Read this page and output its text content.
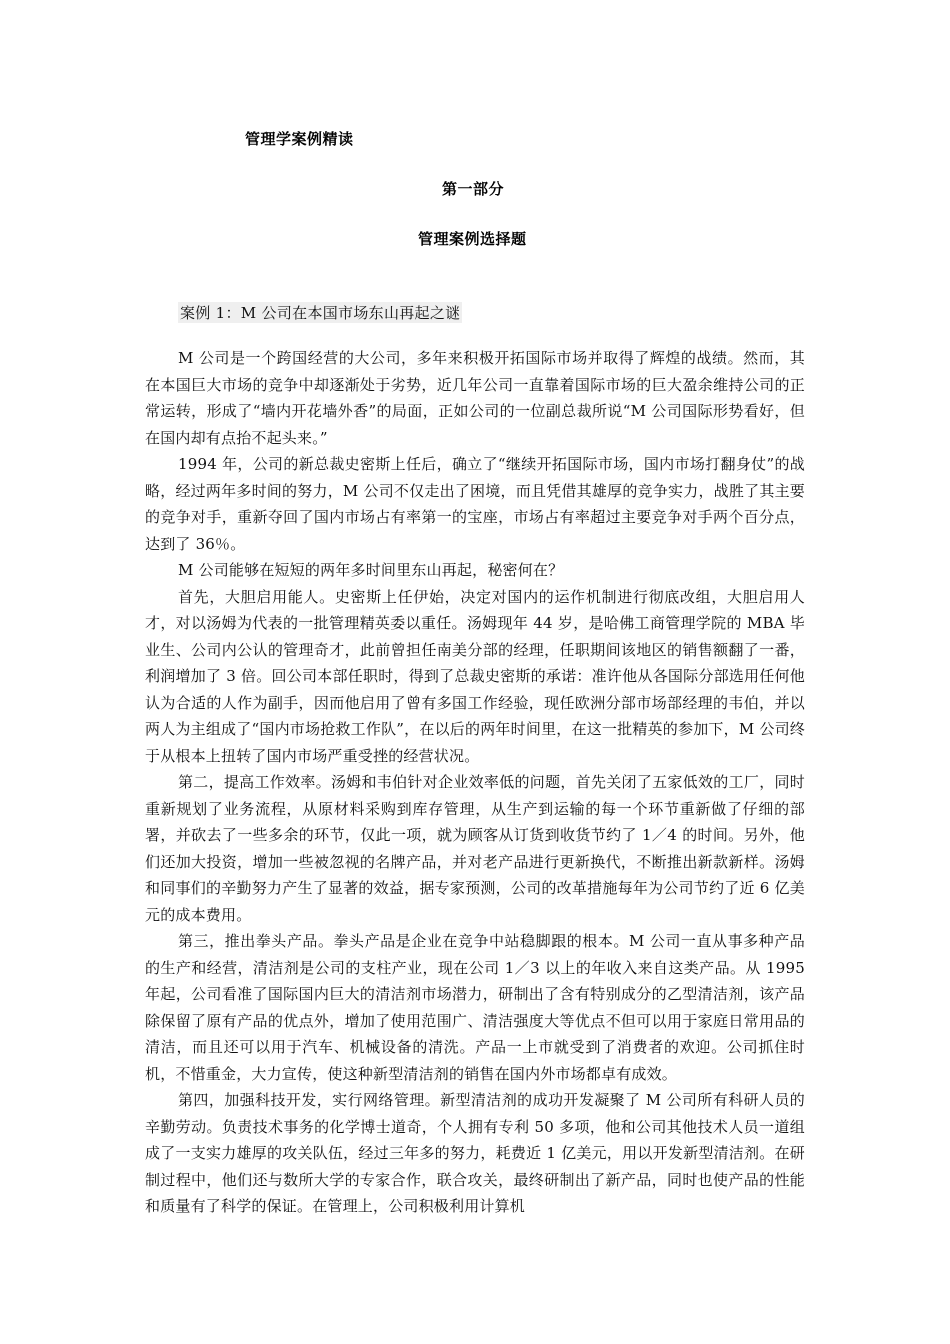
管理学案例精读
第一部分
管理案例选择题
案例 1：M 公司在本国市场东山再起之谜

M 公司是一个跨国经营的大公司，多年来积极开拓国际市场并取得了辉煌的战绩。然而，其在本国巨大市场的竞争中却逐渐处于劣势，近几年公司一直靠着国际市场的巨大盈余维持公司的正常运转，形成了“墙内开花墙外香”的局面，正如公司的一位副总裁所说“M 公司国际形势看好，但在国内却有点抬不起头来。”

1994 年，公司的新总裁史密斯上任后，确立了“继续开拓国际市场，国内市场打翻身仗”的战略，经过两年多时间的努力，M 公司不仅走出了困境，而且凭借其雄厚的竞争实力，战胜了其主要的竞争对手，重新夺回了国内市场占有率第一的宝座，市场占有率超过主要竞争对手两个百分点，达到了 36％。

M 公司能够在短短的两年多时间里东山再起，秘密何在？

首先，大胆启用能人。史密斯上任伊始，决定对国内的运作机制进行彻底改组，大胆启用人才，对以汤姆为代表的一批管理精英委以重任。汤姆现年 44 岁，是哈佛工商管理学院的 MBA 毕业生、公司内公认的管理奇才，此前曾担任南美分部的经理，任职期间该地区的销售额翻了一番，利润增加了 3 倍。回公司本部任职时，得到了总裁史密斯的承诺：准许他从各国际分部选用任何他认为合适的人作为副手，因而他启用了曾有多国工作经验，现任欧洲分部市场部经理的韦伯，并以两人为主组成了“国内市场抢救工作队”，在以后的两年时间里，在这一批精英的参加下，M 公司终于从根本上扭转了国内市场严重受挫的经营状况。

第二，提高工作效率。汤姆和韦伯针对企业效率低的问题，首先关闭了五家低效的工厂，同时重新规划了业务流程，从原材料采购到库存管理，从生产到运输的每一个环节重新做了仔细的部署，并砍去了一些多余的环节，仅此一项，就为顾客从订货到收货节约了 1／4 的时间。另外，他们还加大投资，增加一些被忽视的名牌产品，并对老产品进行更新换代，不断推出新款新样。汤姆和同事们的辛勤努力产生了显著的效益，据专家预测，公司的改革措施每年为公司节约了近 6 亿美元的成本费用。

第三，推出拳头产品。拳头产品是企业在竞争中站稳脚跟的根本。M 公司一直从事多种产品的生产和经营，清洁剂是公司的支柱产业，现在公司 1／3 以上的年收入来自这类产品。从 1995 年起，公司看准了国际国内巨大的清洁剂市场潜力，研制出了含有特别成分的乙型清洁剂，该产品除保留了原有产品的优点外，增加了使用范围广、清洁强度大等优点不但可以用于家庭日常用品的清洁，而且还可以用于汽车、机械设备的清洗。产品一上市就受到了消费者的欢迎。公司抓住时机，不惜重金，大力宣传，使这种新型清洁剂的销售在国内外市场都卓有成效。

第四，加强科技开发，实行网络管理。新型清洁剂的成功开发凝聚了 M 公司所有科研人员的辛勤劳动。负责技术事务的化学博士道奇，个人拥有专利 50 多项，他和公司其他技术人员一道组成了一支实力雄厚的攻关队伍，经过三年多的努力，耗费近 1 亿美元，用以开发新型清洁剂。在研制过程中，他们还与数所大学的专家合作，联合攻关，最终研制出了新产品，同时也使产品的性能和质量有了科学的保证。在管理上，公司积极利用计算机
